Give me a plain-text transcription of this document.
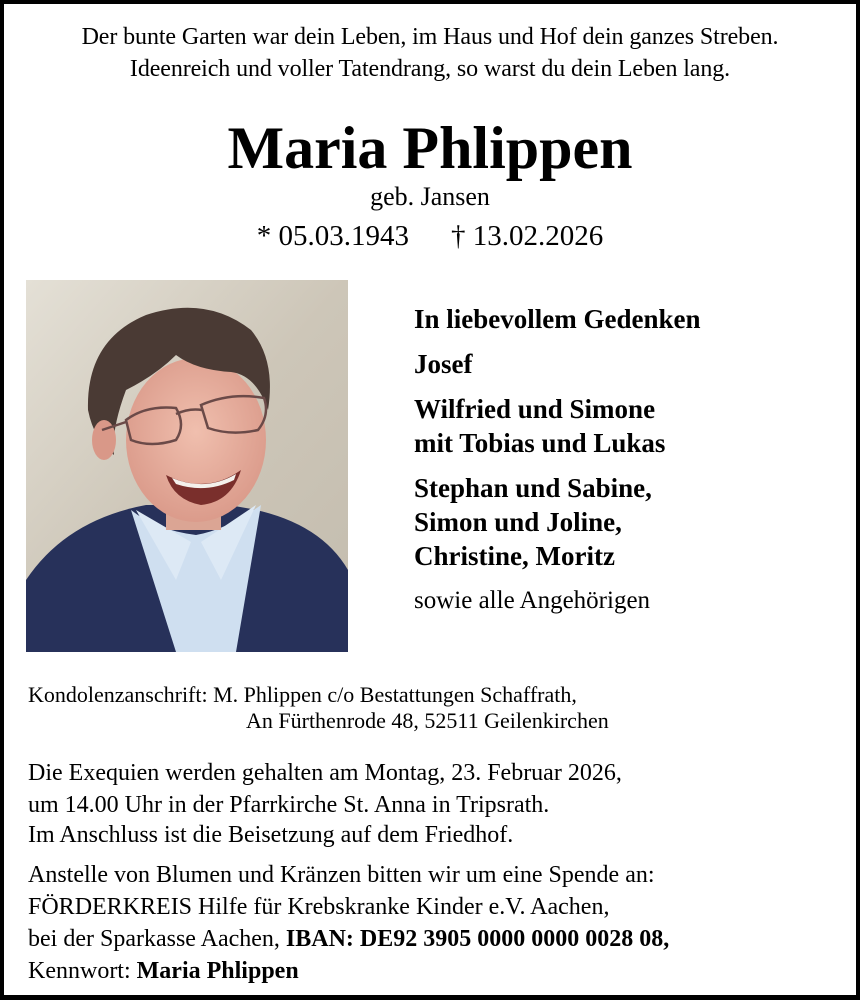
Der bunte Garten war dein Leben, im Haus und Hof dein ganzes Streben.
Ideenreich und voller Tatendrang, so warst du dein Leben lang.
Maria Phlippen
geb. Jansen
* 05.03.1943 † 13.02.2026
In liebevollem Gedenken
Josef
Wilfried und Simone
mit Tobias und Lukas
Stephan und Sabine,
Simon und Joline,
Christine, Moritz
sowie alle Angehörigen
Kondolenzanschrift: M. Phlippen c/o Bestattungen Schaffrath,
An Fürthenrode 48, 52511 Geilenkirchen
Die Exequien werden gehalten am Montag, 23. Februar 2026,
um 14.00 Uhr in der Pfarrkirche St. Anna in Tripsrath.
Im Anschluss ist die Beisetzung auf dem Friedhof.
Anstelle von Blumen und Kränzen bitten wir um eine Spende an:
FÖRDERKREIS Hilfe für Krebskranke Kinder e.V. Aachen,
bei der Sparkasse Aachen, IBAN: DE92 3905 0000 0000 0028 08,
Kennwort: Maria Phlippen
